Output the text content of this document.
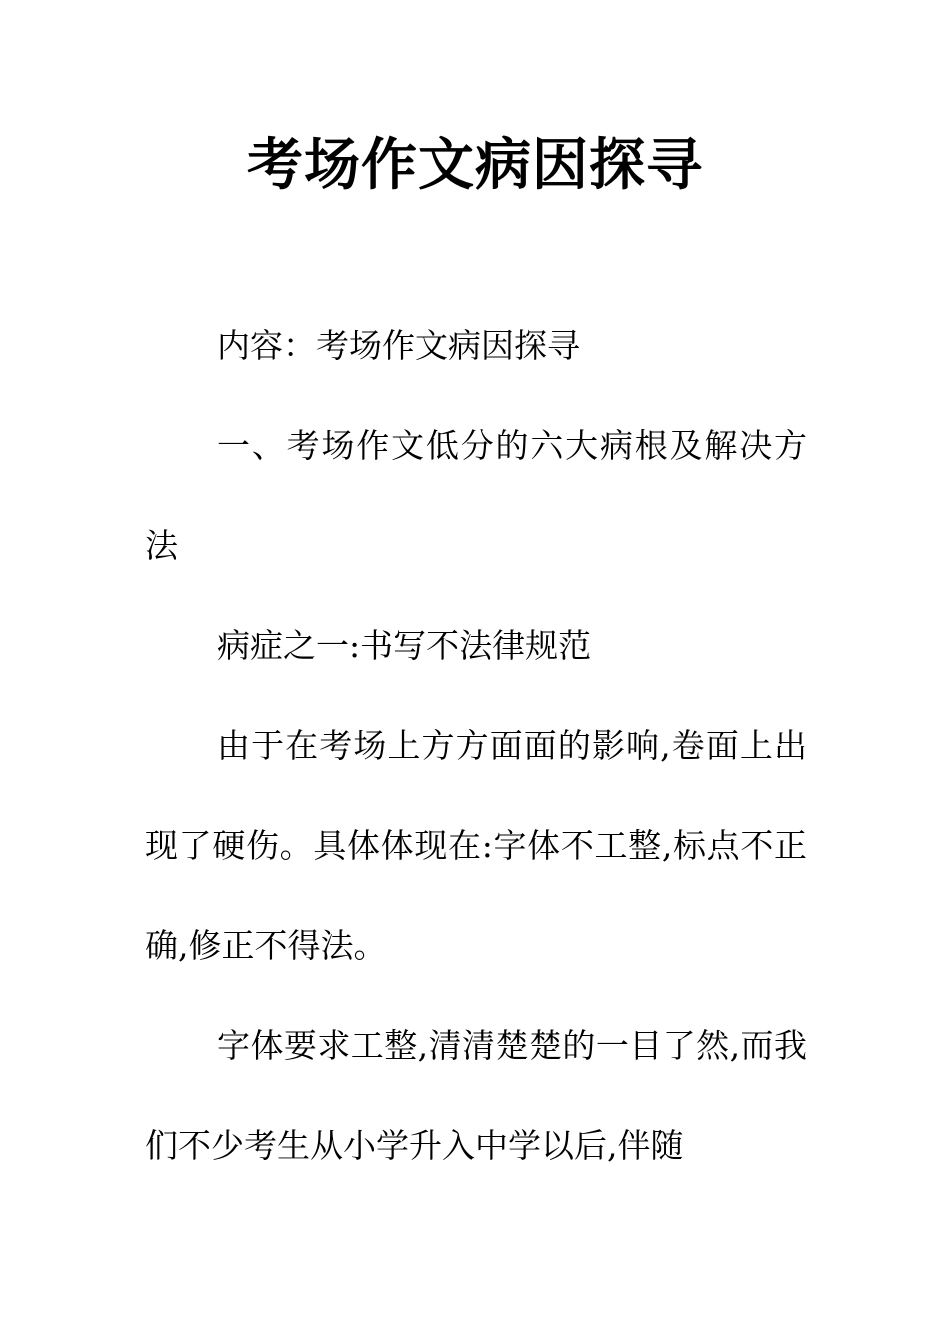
考场作文病因探寻

内容：考场作文病因探寻

一、考场作文低分的六大病根及解决方法

病症之一:书写不法律规范

由于在考场上方方面面的影响,卷面上出现了硬伤。具体体现在:字体不工整,标点不正确,修正不得法。

字体要求工整,清清楚楚的一目了然,而我们不少考生从小学升入中学以后,伴随
